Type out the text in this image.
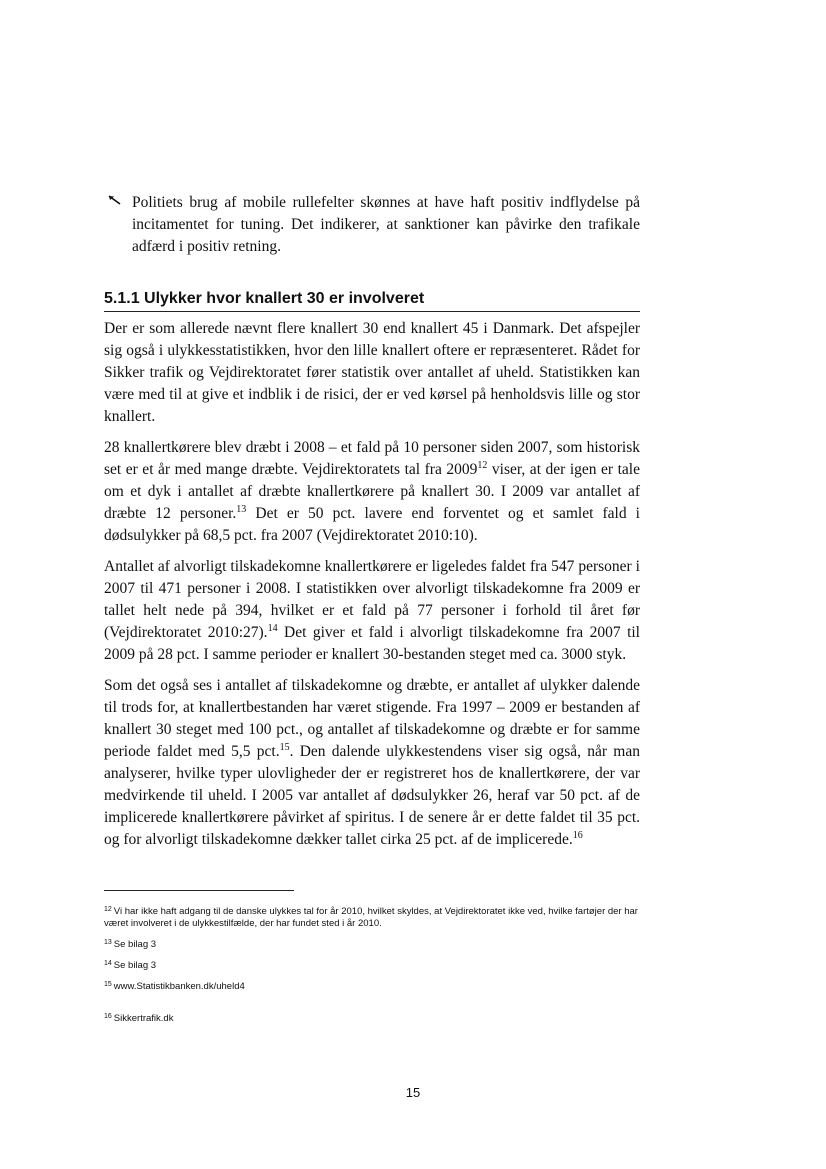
Politiets brug af mobile rullefelter skønnes at have haft positiv indflydelse på incitamentet for tuning. Det indikerer, at sanktioner kan påvirke den trafikale adfærd i positiv retning.
5.1.1 Ulykker hvor knallert 30 er involveret

Der er som allerede nævnt flere knallert 30 end knallert 45 i Danmark. Det afspejler sig også i ulykkesstatistikken, hvor den lille knallert oftere er repræsenteret. Rådet for Sikker trafik og Vejdirektoratet fører statistik over antallet af uheld. Statistikken kan være med til at give et indblik i de risici, der er ved kørsel på henholdsvis lille og stor knallert.

28 knallertkørere blev dræbt i 2008 – et fald på 10 personer siden 2007, som historisk set er et år med mange dræbte. Vejdirektoratets tal fra 2009$^{12}$ viser, at der igen er tale om et dyk i antallet af dræbte knallertkørere på knallert 30. I 2009 var antallet af dræbte 12 personer.$^{13}$ Det er 50 pct. lavere end forventet og et samlet fald i dødsulykker på 68,5 pct. fra 2007 (Vejdirektoratet 2010:10).

Antallet af alvorligt tilskadekomne knallertkørere er ligeledes faldet fra 547 personer i 2007 til 471 personer i 2008. I statistikken over alvorligt tilskadekomne fra 2009 er tallet helt nede på 394, hvilket er et fald på 77 personer i forhold til året før (Vejdirektoratet 2010:27).$^{14}$ Det giver et fald i alvorligt tilskadekomne fra 2007 til 2009 på 28 pct. I samme perioder er knallert 30-bestanden steget med ca. 3000 styk.

Som det også ses i antallet af tilskadekomne og dræbte, er antallet af ulykker dalende til trods for, at knallertbestanden har været stigende. Fra 1997 – 2009 er bestanden af knallert 30 steget med 100 pct., og antallet af tilskadekomne og dræbte er for samme periode faldet med 5,5 pct.$^{15}$. Den dalende ulykkestendens viser sig også, når man analyserer, hvilke typer ulovligheder der er registreret hos de knallertkørere, der var medvirkende til uheld. I 2005 var antallet af dødsulykker 26, heraf var 50 pct. af de implicerede knallertkørere påvirket af spiritus. I de senere år er dette faldet til 35 pct. og for alvorligt tilskadekomne dækker tallet cirka 25 pct. af de implicerede.$^{16}$

$^{12}$ Vi har ikke haft adgang til de danske ulykkes tal for år 2010, hvilket skyldes, at Vejdirektoratet ikke ved, hvilke fartøjer der har været involveret i de ulykkestilfælde, der har fundet sted i år 2010.

$^{13}$ Se bilag 3

$^{14}$ Se bilag 3

$^{15}$ www.Statistikbanken.dk/uheld4

$^{16}$ Sikkertrafik.dk

15
